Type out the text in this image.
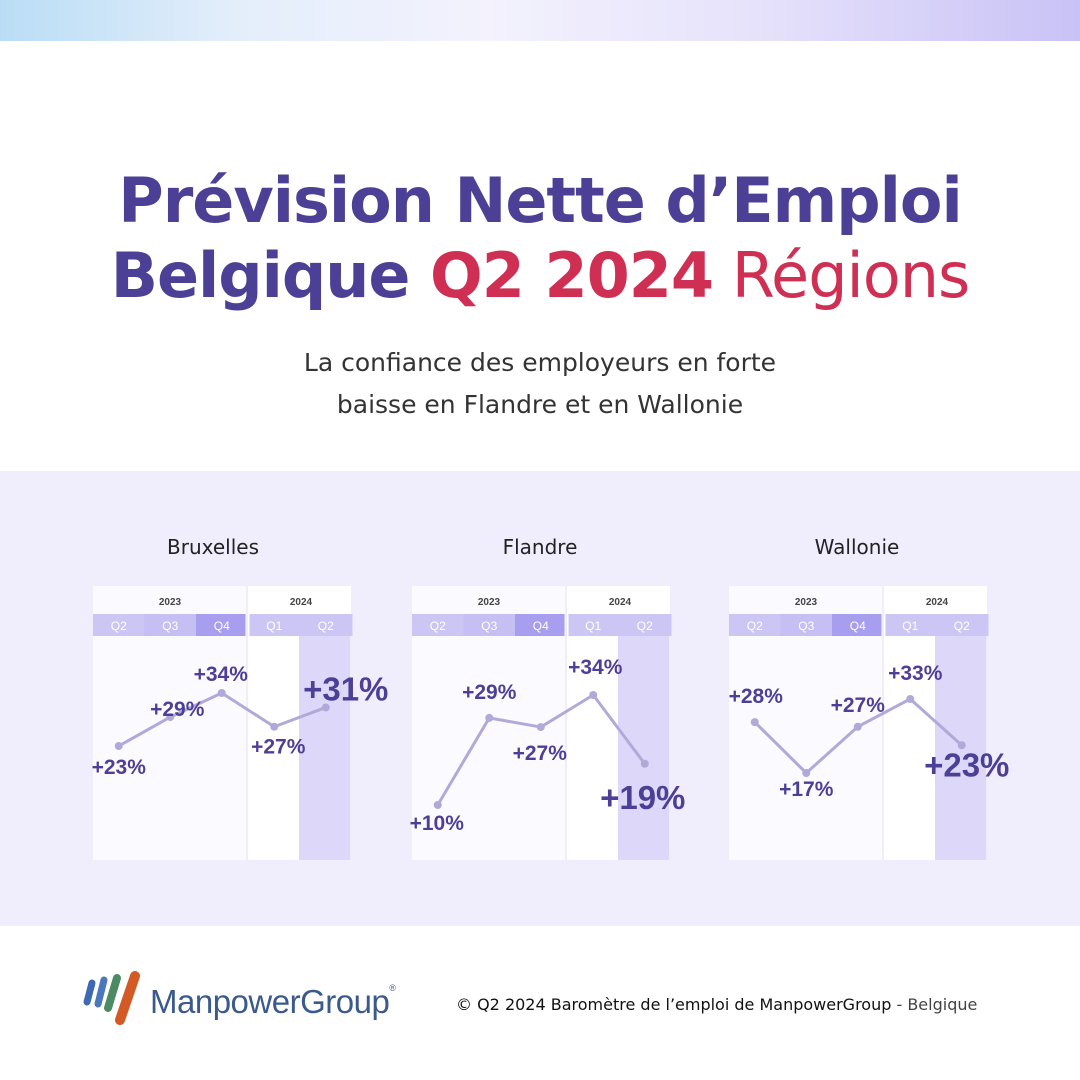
Prévision Nette d’Emploi
Belgique Q2 2024 Régions
La confiance des employeurs en forte
baisse en Flandre et en Wallonie
Bruxelles	Flandre	Wallonie
2023	2024
Q2	Q3	Q4	Q1	Q2
+23%
+29%
+34%
+27%
+31%
2023	2024
Q2	Q3	Q4	Q1	Q2
+10%
+29%
+27%
+34%
+19%
2023	2024
Q2	Q3	Q4	Q1	Q2
+28%
+17%
+27%
+33%
+23%
ManpowerGroup®
© Q2 2024 Baromètre de l’emploi de ManpowerGroup - Belgique
